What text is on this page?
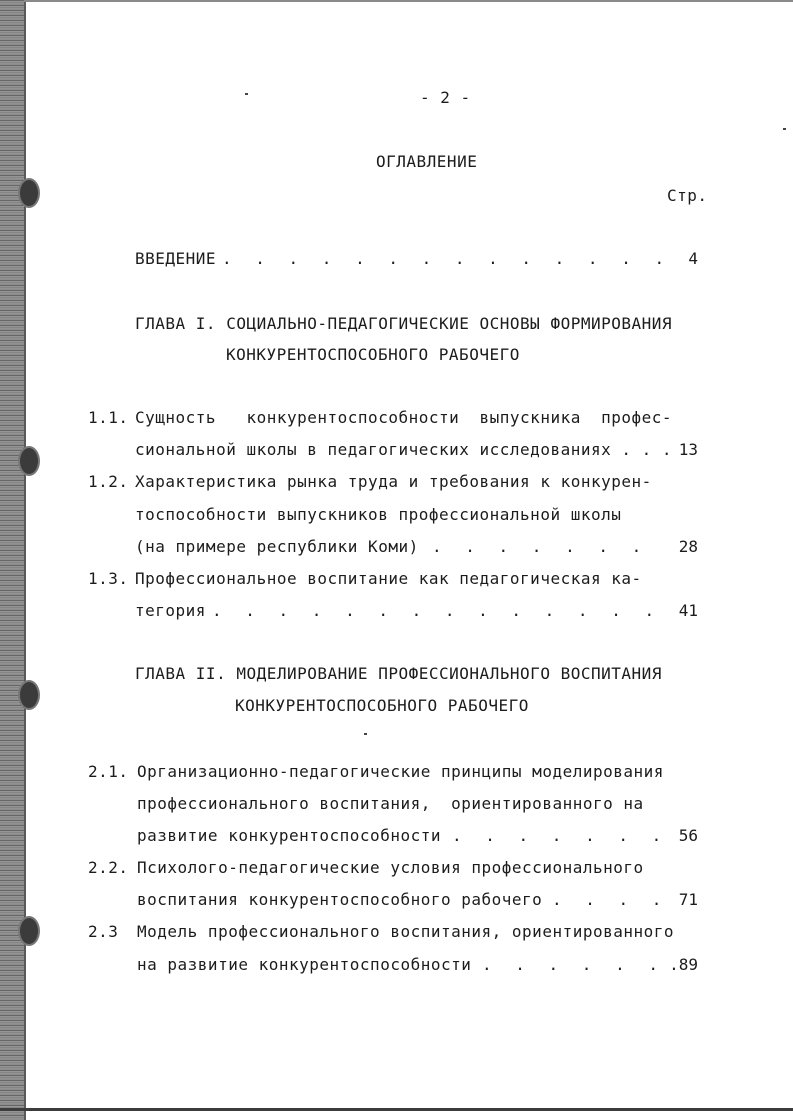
- 2 -
ОГЛАВЛЕНИЕ
Стр.
ВВЕДЕНИЕ . . .	4
ГЛАВА I. СОЦИАЛЬНО-ПЕДАГОГИЧЕСКИЕ ОСНОВЫ ФОРМИРОВАНИЯ
КОНКУРЕНТОСПОСОБНОГО РАБОЧЕГО
1.1. Сущность   конкурентоспособности  выпускника  профес-
сиональной школы в педагогических исследованиях . . . 13
1.2. Характеристика рынка труда и требования к конкурен-
тоспособности выпускников профессиональной школы
(на примере республики Коми) . . .	28
1.3. Профессиональное воспитание как педагогическая ка-
тегория . . .	41
ГЛАВА II. МОДЕЛИРОВАНИЕ ПРОФЕССИОНАЛЬНОГО ВОСПИТАНИЯ
КОНКУРЕНТОСПОСОБНОГО РАБОЧЕГО
2.1. Организационно-педагогические принципы моделирования
профессионального воспитания,  ориентированного на
развитие конкурентоспособности . . .	56
2.2. Психолого-педагогические условия профессионального
воспитания конкурентоспособного рабочего . . .	71
2.3 Модель профессионального воспитания, ориентированного
на развитие конкурентоспособности . . .	.89
